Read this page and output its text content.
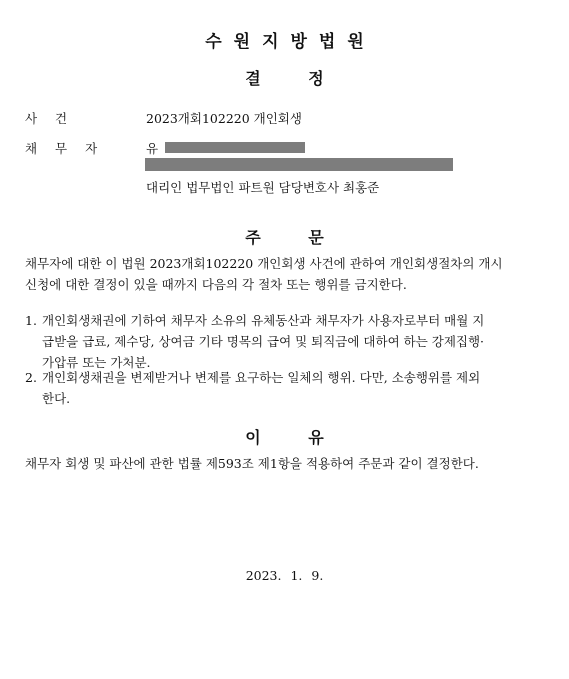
수원지방법원
결 정
사 건	2023개회102220 개인회생
채 무 자	유
대리인 법무법인 파트원 담당변호사 최홍준
주 문
채무자에 대한 이 법원 2023개회102220 개인회생 사건에 관하여 개인회생절차의 개시
신청에 대한 결정이 있을 때까지 다음의 각 절차 또는 행위를 금지한다.
1. 개인회생채권에 기하여 채무자 소유의 유체동산과 채무자가 사용자로부터 매월 지
급받을 급료, 제수당, 상여금 기타 명목의 급여 및 퇴직금에 대하여 하는 강제집행·
가압류 또는 가처분.
2. 개인회생채권을 변제받거나 변제를 요구하는 일체의 행위. 다만, 소송행위를 제외
한다.
이 유
채무자 회생 및 파산에 관한 법률 제593조 제1항을 적용하여 주문과 같이 결정한다.
2023. 1. 9.
